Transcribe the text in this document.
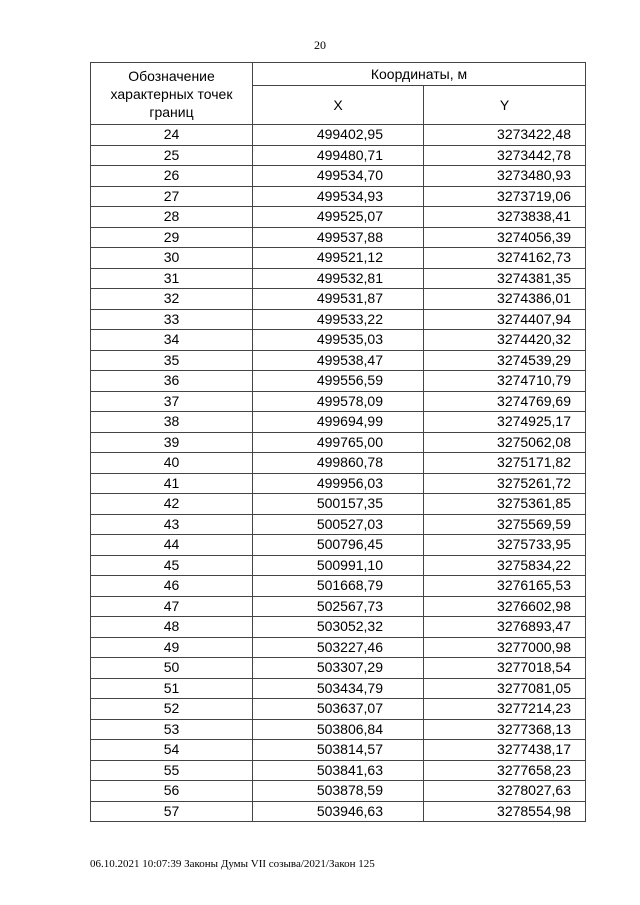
20
Обозначение характерных точек границ	Координаты, м	
	X	Y
24	499402,95	3273422,48
25	499480,71	3273442,78
26	499534,70	3273480,93
27	499534,93	3273719,06
28	499525,07	3273838,41
29	499537,88	3274056,39
30	499521,12	3274162,73
31	499532,81	3274381,35
32	499531,87	3274386,01
33	499533,22	3274407,94
34	499535,03	3274420,32
35	499538,47	3274539,29
36	499556,59	3274710,79
37	499578,09	3274769,69
38	499694,99	3274925,17
39	499765,00	3275062,08
40	499860,78	3275171,82
41	499956,03	3275261,72
42	500157,35	3275361,85
43	500527,03	3275569,59
44	500796,45	3275733,95
45	500991,10	3275834,22
46	501668,79	3276165,53
47	502567,73	3276602,98
48	503052,32	3276893,47
49	503227,46	3277000,98
50	503307,29	3277018,54
51	503434,79	3277081,05
52	503637,07	3277214,23
53	503806,84	3277368,13
54	503814,57	3277438,17
55	503841,63	3277658,23
56	503878,59	3278027,63
57	503946,63	3278554,98
06.10.2021 10:07:39 Законы Думы VII созыва/2021/Закон 125
